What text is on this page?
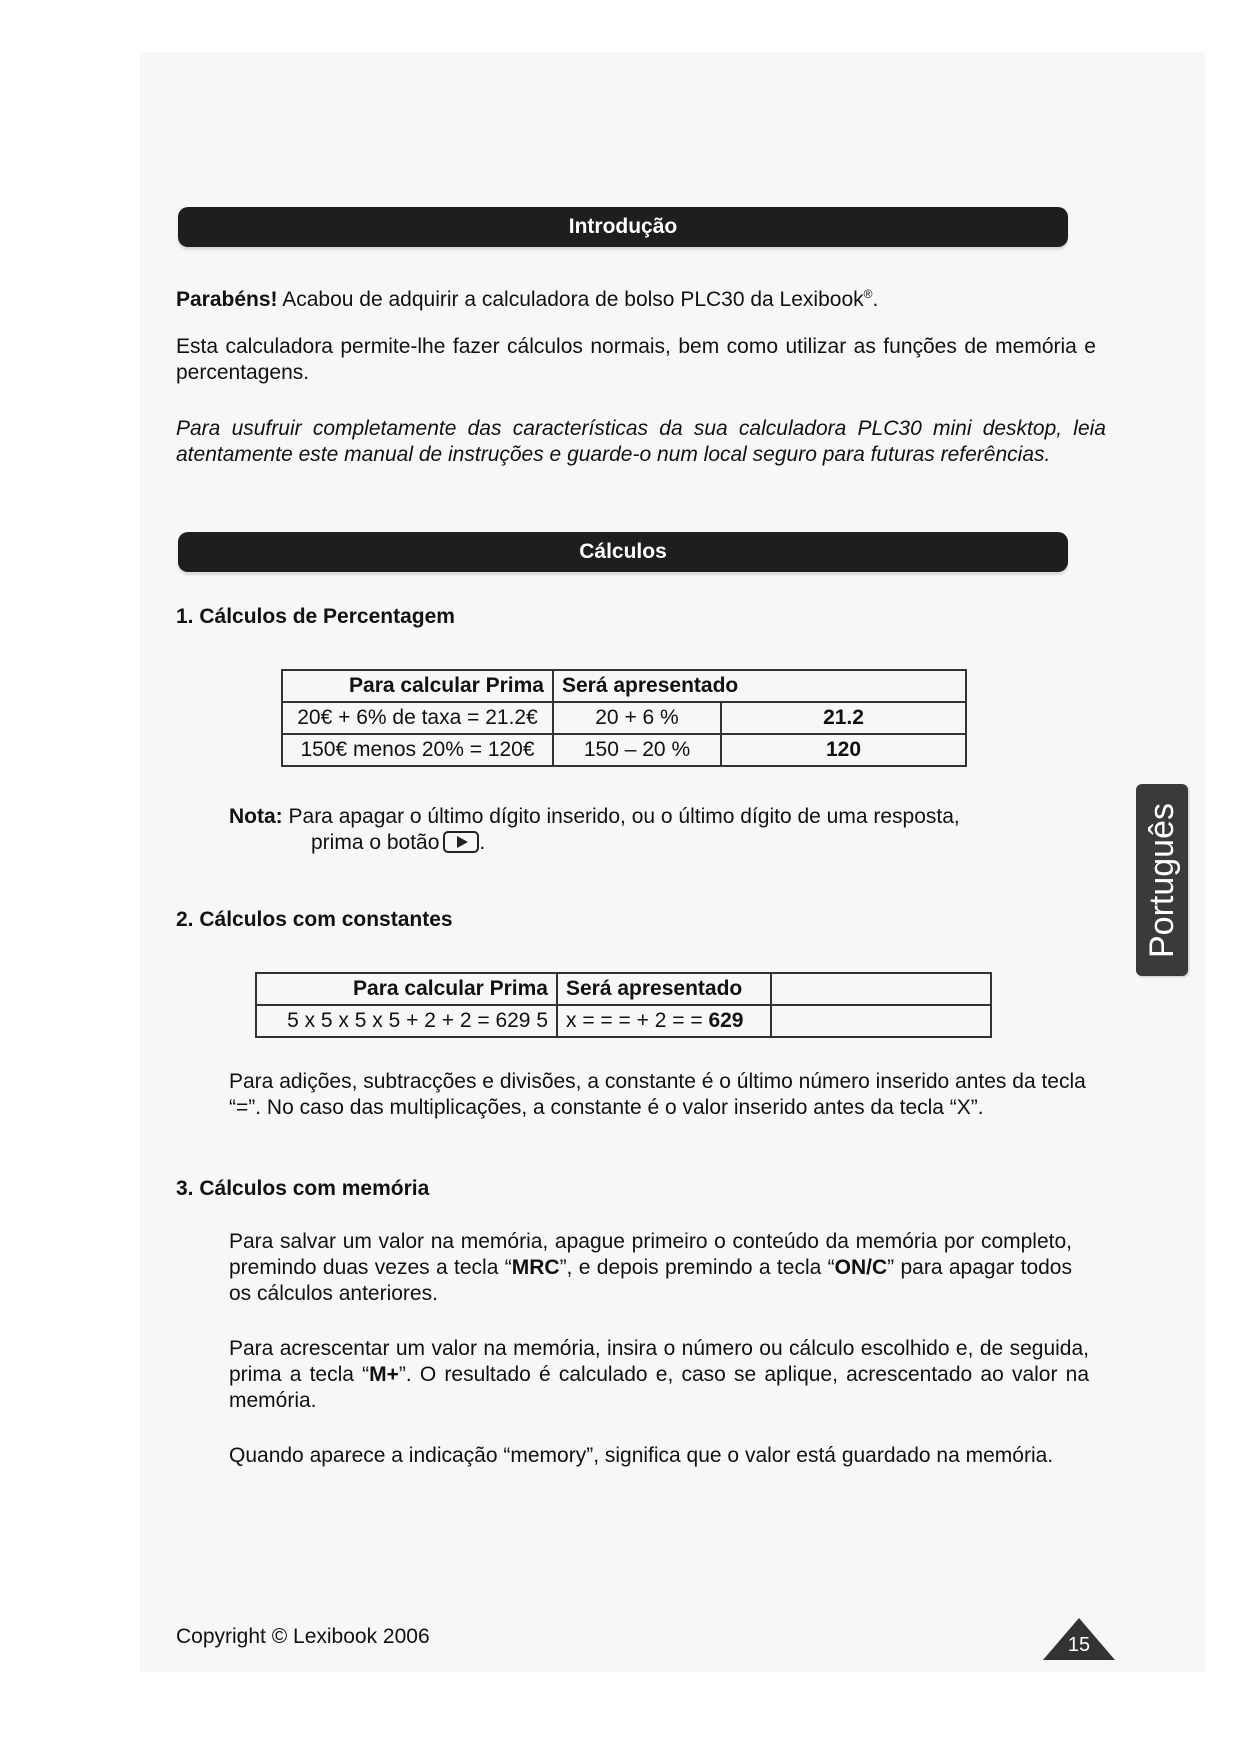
Introdução

Parabéns! Acabou de adquirir a calculadora de bolso PLC30 da Lexibook®.

Esta calculadora permite-lhe fazer cálculos normais, bem como utilizar as funções de memória e percentagens.

Para usufruir completamente das características da sua calculadora PLC30 mini desktop, leia atentamente este manual de instruções e guarde-o num local seguro para futuras referências.

Cálculos
1. Cálculos de Percentagem
Para calcular Prima	Será apresentado	
20€ + 6% de taxa = 21.2€	20 + 6 %	21.2
150€ menos 20% = 120€	150 – 20 %	120

Nota: Para apagar o último dígito inserido, ou o último dígito de uma resposta,
prima o botão .

2. Cálculos com constantes
Para calcular Prima	Será apresentado	
5 x 5 x 5 x 5 + 2 + 2 = 629 5	x = = = + 2 = = 629	

Para adições, subtracções e divisões, a constante é o último número inserido antes da tecla “=”. No caso das multiplicações, a constante é o valor inserido antes da tecla “X”.

3. Cálculos com memória

Para salvar um valor na memória, apague primeiro o conteúdo da memória por completo, premindo duas vezes a tecla “MRC”, e depois premindo a tecla “ON/C” para apagar todos os cálculos anteriores.

Para acrescentar um valor na memória, insira o número ou cálculo escolhido e, de seguida, prima a tecla “M+”. O resultado é calculado e, caso se aplique, acrescentado ao valor na memória.

Quando aparece a indicação “memory”, significa que o valor está guardado na memória.

Copyright © Lexibook 2006	15
Português
